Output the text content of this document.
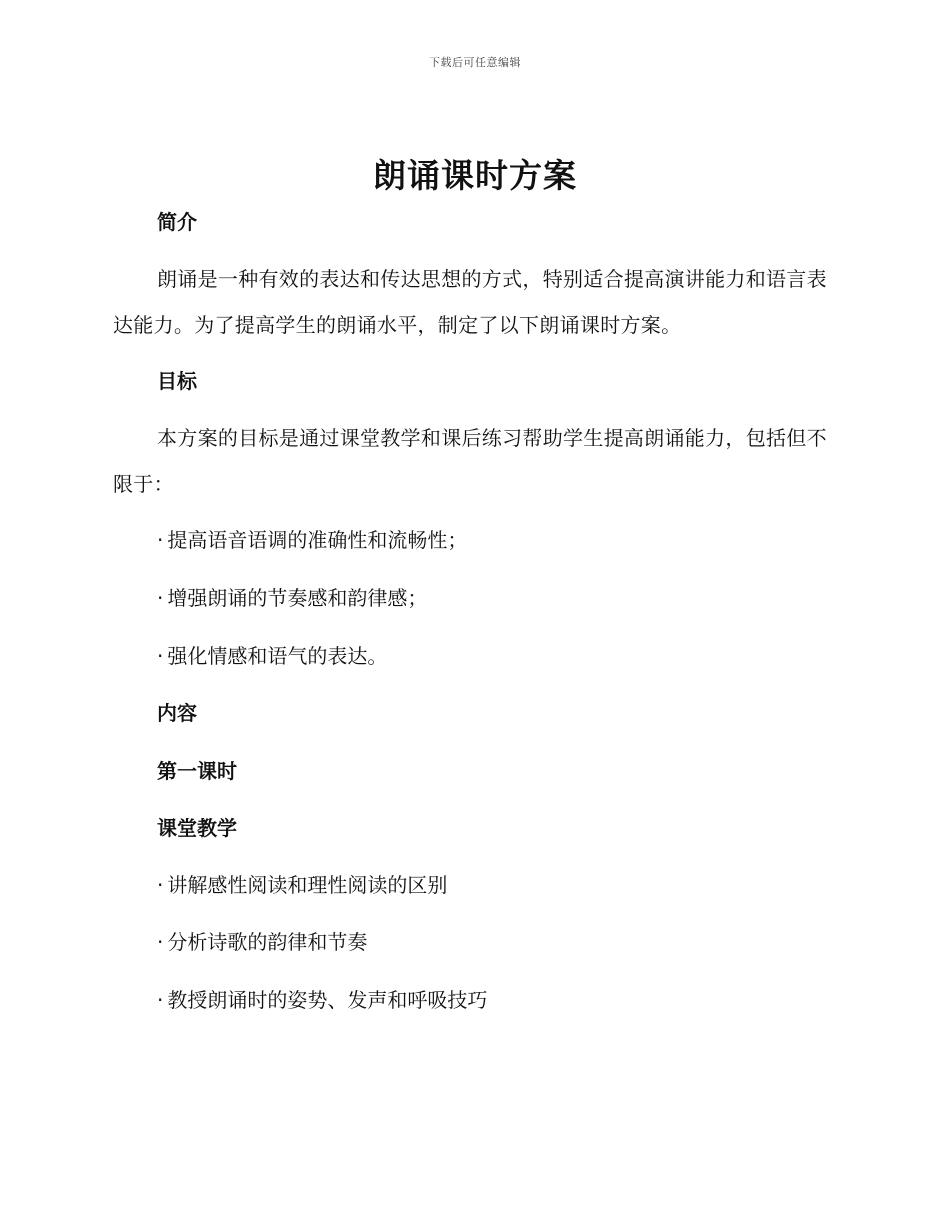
下载后可任意编辑
朗诵课时方案
简介

朗诵是一种有效的表达和传达思想的方式，特别适合提高演讲能力和语言表达能力。为了提高学生的朗诵水平，制定了以下朗诵课时方案。

目标

本方案的目标是通过课堂教学和课后练习帮助学生提高朗诵能力，包括但不限于：

· 提高语音语调的准确性和流畅性；
· 增强朗诵的节奏感和韵律感；
· 强化情感和语气的表达。
内容
第一课时
课堂教学
· 讲解感性阅读和理性阅读的区别
· 分析诗歌的韵律和节奏
· 教授朗诵时的姿势、发声和呼吸技巧
